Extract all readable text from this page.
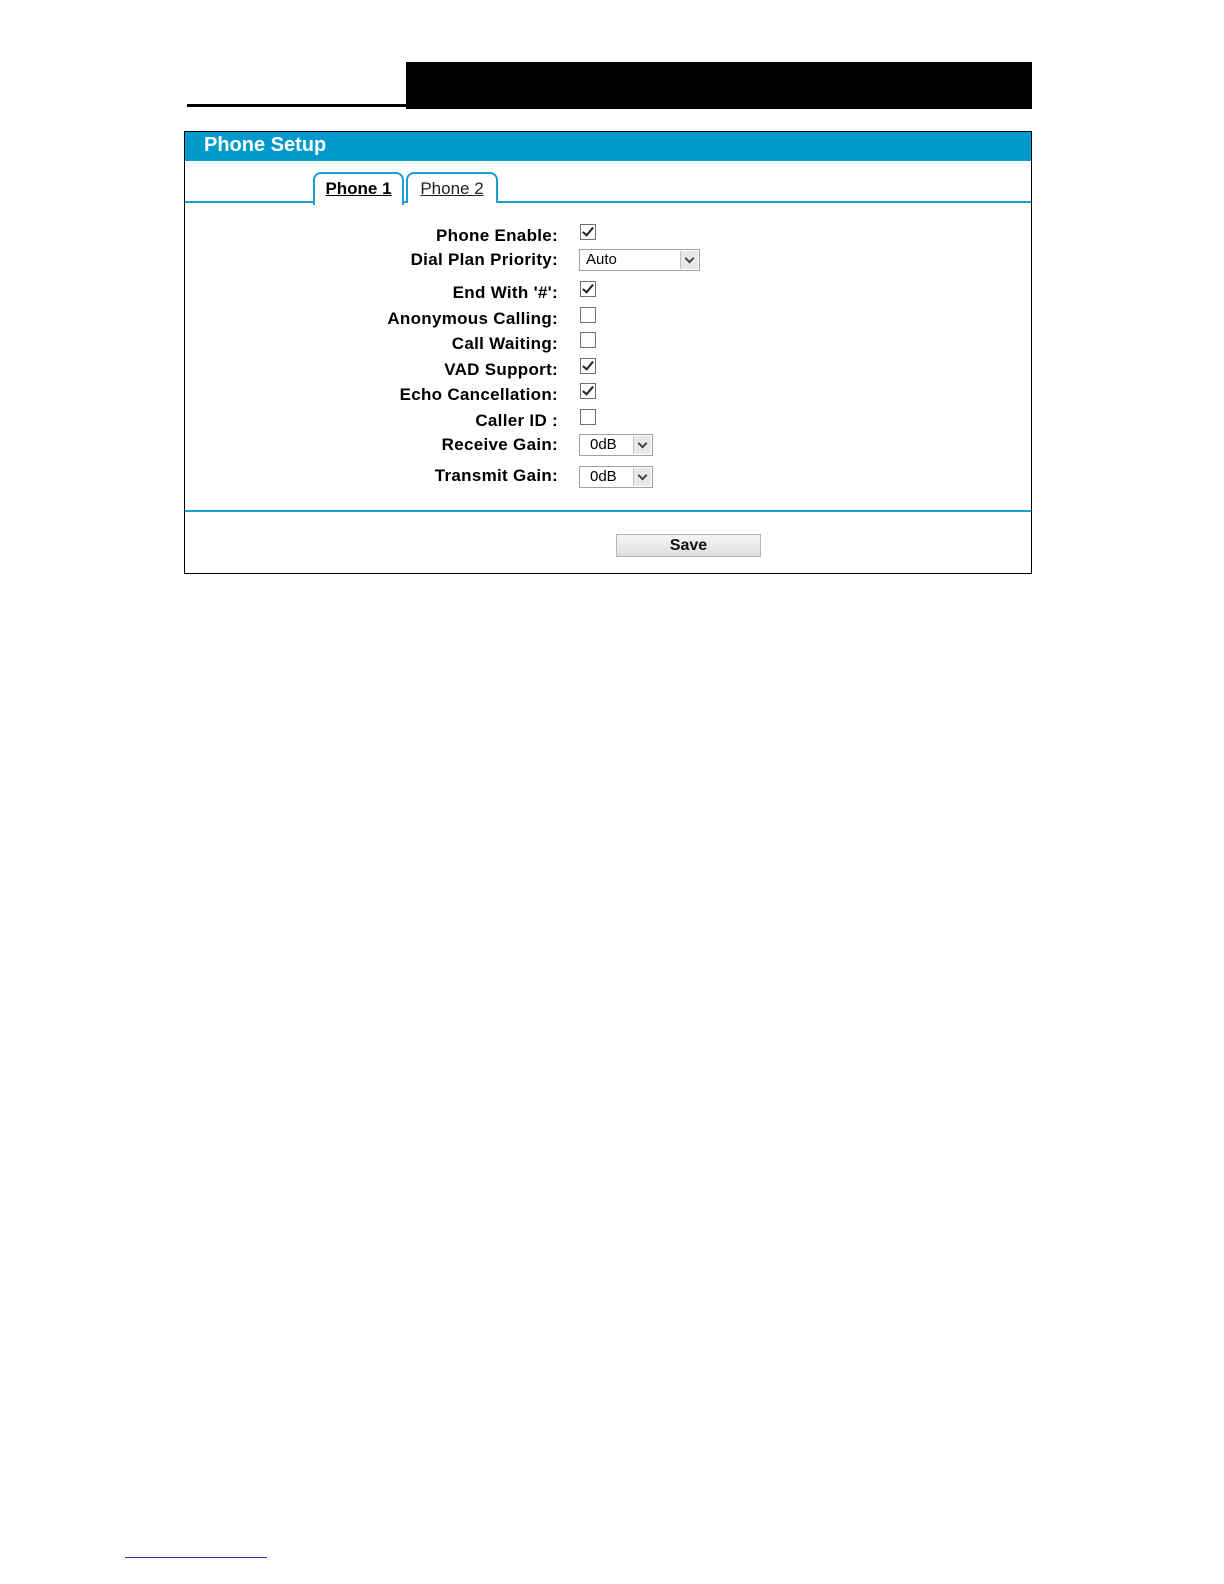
Phone Setup
Phone 1	Phone 2
Phone Enable:
Dial Plan Priority:	Auto
End With '#':
Anonymous Calling:
Call Waiting:
VAD Support:
Echo Cancellation:
Caller ID :
Receive Gain:	0dB
Transmit Gain:	0dB
Save
